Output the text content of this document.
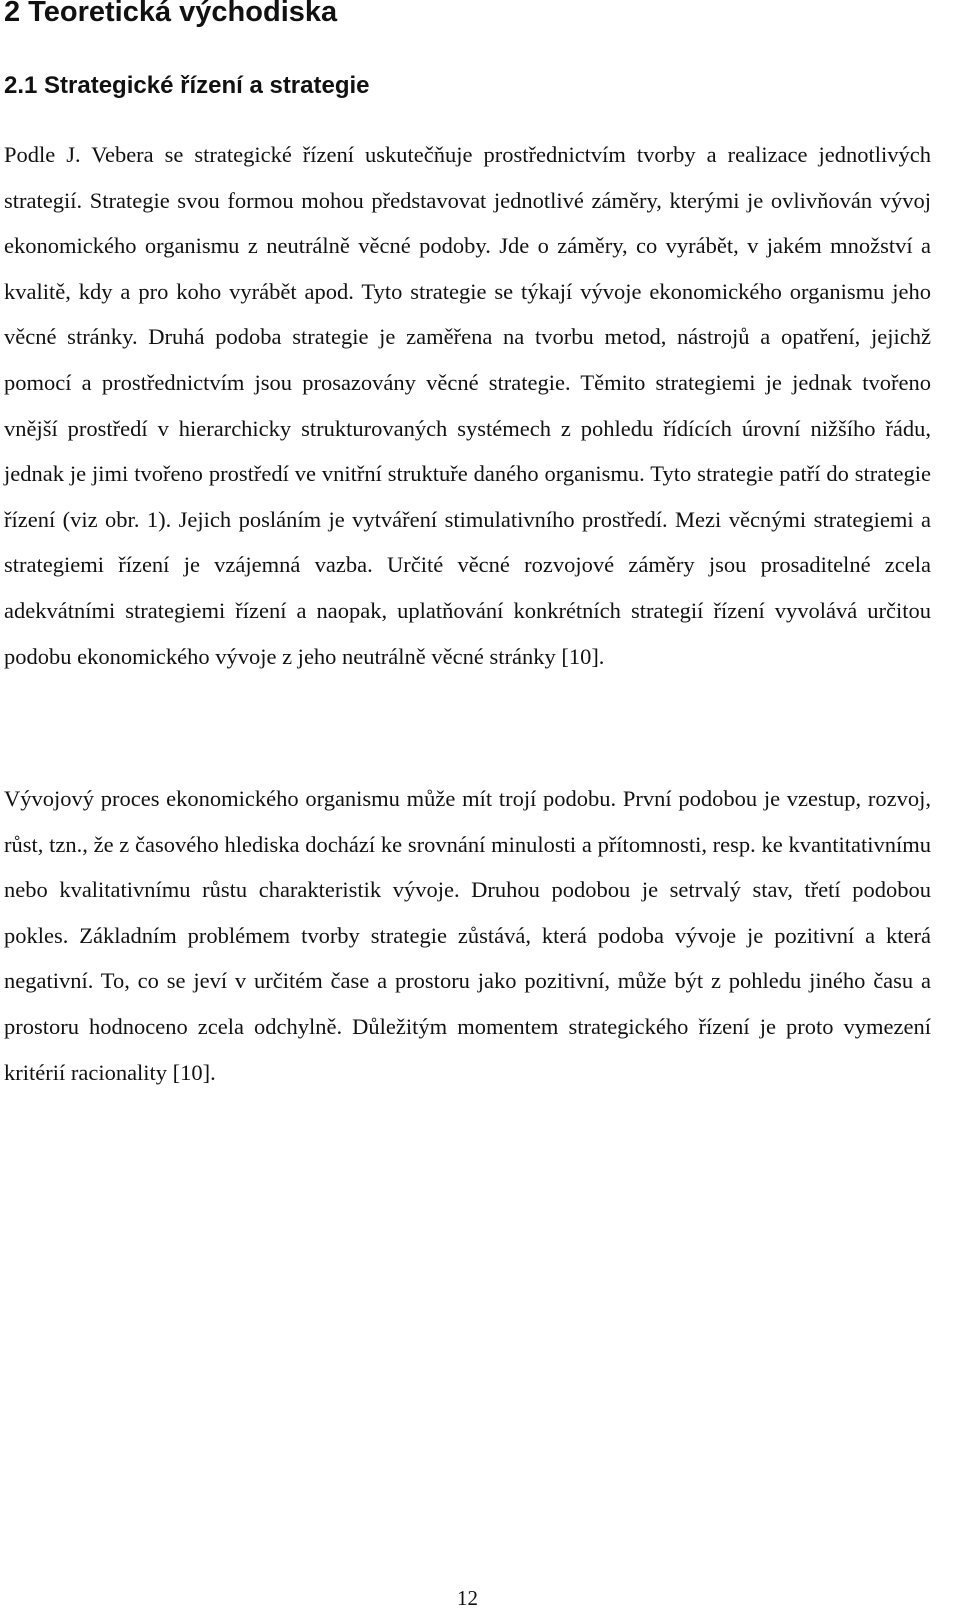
2 Teoretická východiska
2.1 Strategické řízení a strategie

Podle J. Vebera se strategické řízení uskutečňuje prostřednictvím tvorby a realizace jednotlivých strategií. Strategie svou formou mohou představovat jednotlivé záměry, kterými je ovlivňován vývoj ekonomického organismu z neutrálně věcné podoby. Jde o záměry, co vyrábět, v jakém množství a kvalitě, kdy a pro koho vyrábět apod. Tyto strategie se týkají vývoje ekonomického organismu jeho věcné stránky. Druhá podoba strategie je zaměřena na tvorbu metod, nástrojů a opatření, jejichž pomocí a prostřednictvím jsou prosazovány věcné strategie. Těmito strategiemi je jednak tvořeno vnější prostředí v hierarchicky strukturovaných systémech z pohledu řídících úrovní nižšího řádu, jednak je jimi tvořeno prostředí ve vnitřní struktuře daného organismu. Tyto strategie patří do strategie řízení (viz obr. 1). Jejich posláním je vytváření stimulativního prostředí. Mezi věcnými strategiemi a strategiemi řízení je vzájemná vazba. Určité věcné rozvojové záměry jsou prosaditelné zcela adekvátními strategiemi řízení a naopak, uplatňování konkrétních strategií řízení vyvolává určitou podobu ekonomického vývoje z jeho neutrálně věcné stránky [10].

Vývojový proces ekonomického organismu může mít trojí podobu. První podobou je vzestup, rozvoj, růst, tzn., že z časového hlediska dochází ke srovnání minulosti a přítomnosti, resp. ke kvantitativnímu nebo kvalitativnímu růstu charakteristik vývoje. Druhou podobou je setrvalý stav, třetí podobou pokles. Základním problémem tvorby strategie zůstává, která podoba vývoje je pozitivní a která negativní. To, co se jeví v určitém čase a prostoru jako pozitivní, může být z pohledu jiného času a prostoru hodnoceno zcela odchylně. Důležitým momentem strategického řízení je proto vymezení kritérií racionality [10].

12
